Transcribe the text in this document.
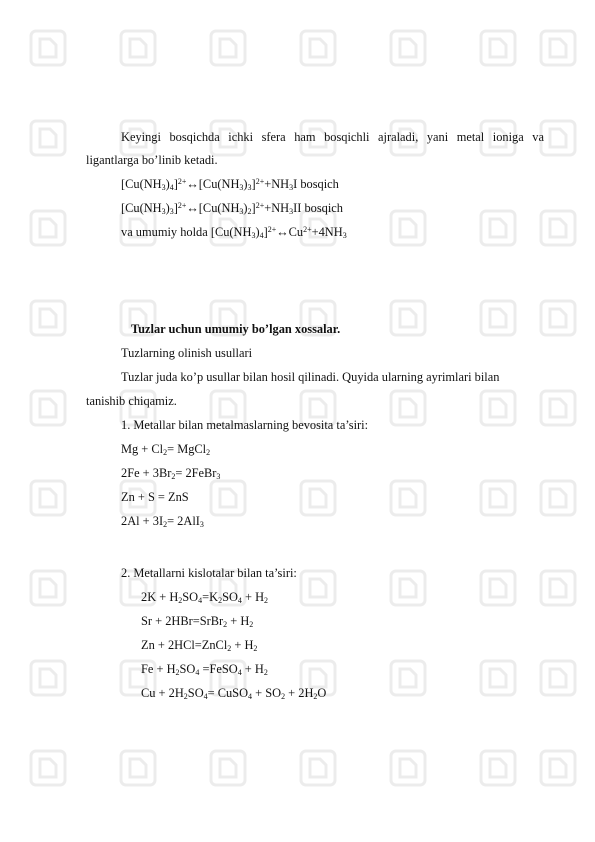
Keyingi bosqichda ichki sfera ham bosqichli ajraladi, yani metal ioniga va
ligantlarga bo’linib ketadi.
$[Cu(NH_3)_4]^{2+}\leftrightarrow[Cu(NH_3)_3]^{2+}+NH_3I$ bosqich
$[Cu(NH_3)_3]^{2+}\leftrightarrow[Cu(NH_3)_2]^{2+}+NH_3II$ bosqich
va umumiy holda $[Cu(NH_3)_4]^{2+}\leftrightarrow Cu^{2+}+4NH_3$
Tuzlar uchun umumiy bo’lgan xossalar.
Tuzlarning olinish usullari
Tuzlar juda ko’p usullar bilan hosil qilinadi. Quyida ularning ayrimlari bilan
tanishib chiqamiz.
1. Metallar bilan metalmaslarning bevosita ta’siri:
$Mg + Cl_2=$ MgCl$_2$
$2Fe + 3Br_2=$ 2FeBr$_3$
Zn + S = ZnS
$2Al + 3I_2= 2AlI_3$
2. Metallarni kislotalar bilan ta’siri:
$2K + H_2SO_4=K_2SO_4 + H_2$
Sr + 2HBr=SrBr$_2$ + $H_2$
Zn + 2HCl=ZnCl$_2$ + $H_2$
$Fe + H_2SO_4$ =FeSO$_4$ + $H_2$
$Cu + 2H_2SO_4=$ CuSO$_4$ + $SO_2 + 2H_2O$
